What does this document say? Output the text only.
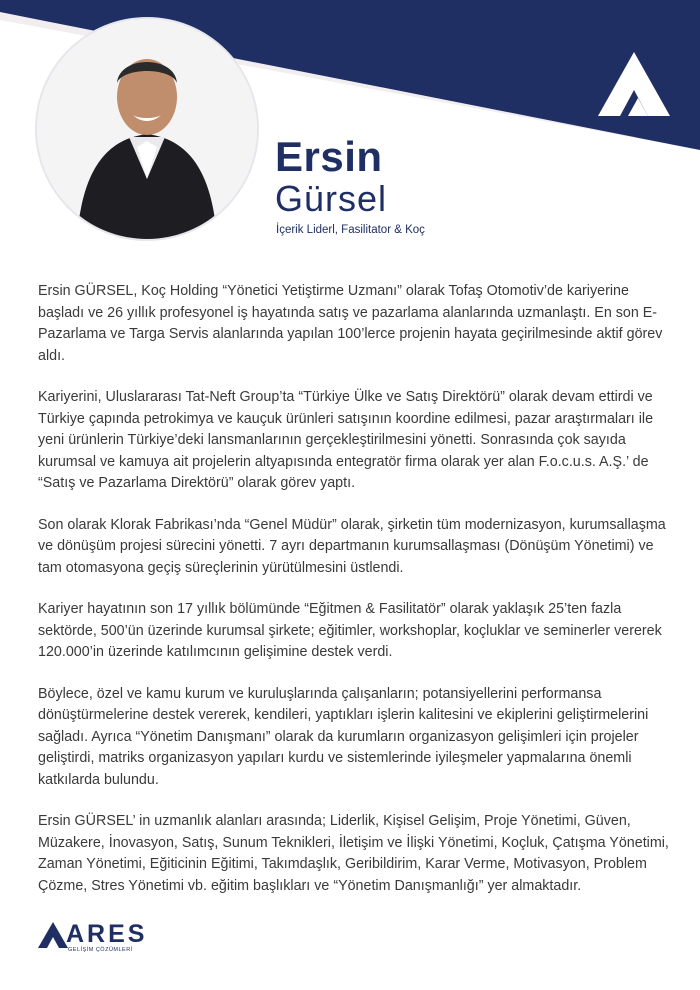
Ersin
Gürsel
İçerik Liderl, Fasilitator & Koç

Ersin GÜRSEL, Koç Holding “Yönetici Yetiştirme Uzmanı” olarak Tofaş Otomotiv’de kariyerine başladı ve 26 yıllık profesyonel iş hayatında satış ve pazarlama alanlarında uzmanlaştı. En son E-Pazarlama ve Targa Servis alanlarında yapılan 100’lerce projenin hayata geçirilmesinde aktif görev aldı.

Kariyerini, Uluslararası Tat-Neft Group’ta “Türkiye Ülke ve Satış Direktörü” olarak devam ettirdi ve Türkiye çapında petrokimya ve kauçuk ürünleri satışının koordine edilmesi, pazar araştırmaları ile yeni ürünlerin Türkiye’deki lansmanlarının gerçekleştirilmesini yönetti. Sonrasında çok sayıda kurumsal ve kamuya ait projelerin altyapısında entegratör firma olarak yer alan F.o.c.u.s. A.Ş.’ de “Satış ve Pazarlama Direktörü” olarak görev yaptı.

Son olarak Klorak Fabrikası’nda “Genel Müdür” olarak, şirketin tüm modernizasyon, kurumsallaşma ve dönüşüm projesi sürecini yönetti. 7 ayrı departmanın kurumsallaşması (Dönüşüm Yönetimi) ve tam otomasyona geçiş süreçlerinin yürütülmesini üstlendi.

Kariyer hayatının son 17 yıllık bölümünde “Eğitmen & Fasilitatör” olarak yaklaşık 25’ten fazla sektörde, 500’ün üzerinde kurumsal şirkete; eğitimler, workshoplar, koçluklar ve seminerler vererek 120.000’in üzerinde katılımcının gelişimine destek verdi.

Böylece, özel ve kamu kurum ve kuruluşlarında çalışanların; potansiyellerini performansa dönüştürmelerine destek vererek, kendileri, yaptıkları işlerin kalitesini ve ekiplerini geliştirmelerini sağladı. Ayrıca “Yönetim Danışmanı” olarak da kurumların organizasyon gelişimleri için projeler geliştirdi, matriks organizasyon yapıları kurdu ve sistemlerinde iyileşmeler yapmalarına önemli katkılarda bulundu.

Ersin GÜRSEL’ in uzmanlık alanları arasında; Liderlik, Kişisel Gelişim, Proje Yönetimi, Güven, Müzakere, İnovasyon, Satış, Sunum Teknikleri, İletişim ve İlişki Yönetimi, Koçluk, Çatışma Yönetimi, Zaman Yönetimi, Eğiticinin Eğitimi, Takımdaşlık, Geribildirim, Karar Verme, Motivasyon, Problem Çözme, Stres Yönetimi vb. eğitim başlıkları ve “Yönetim Danışmanlığı” yer almaktadır.

ARES
GELİŞİM ÇÖZÜMLERİ
